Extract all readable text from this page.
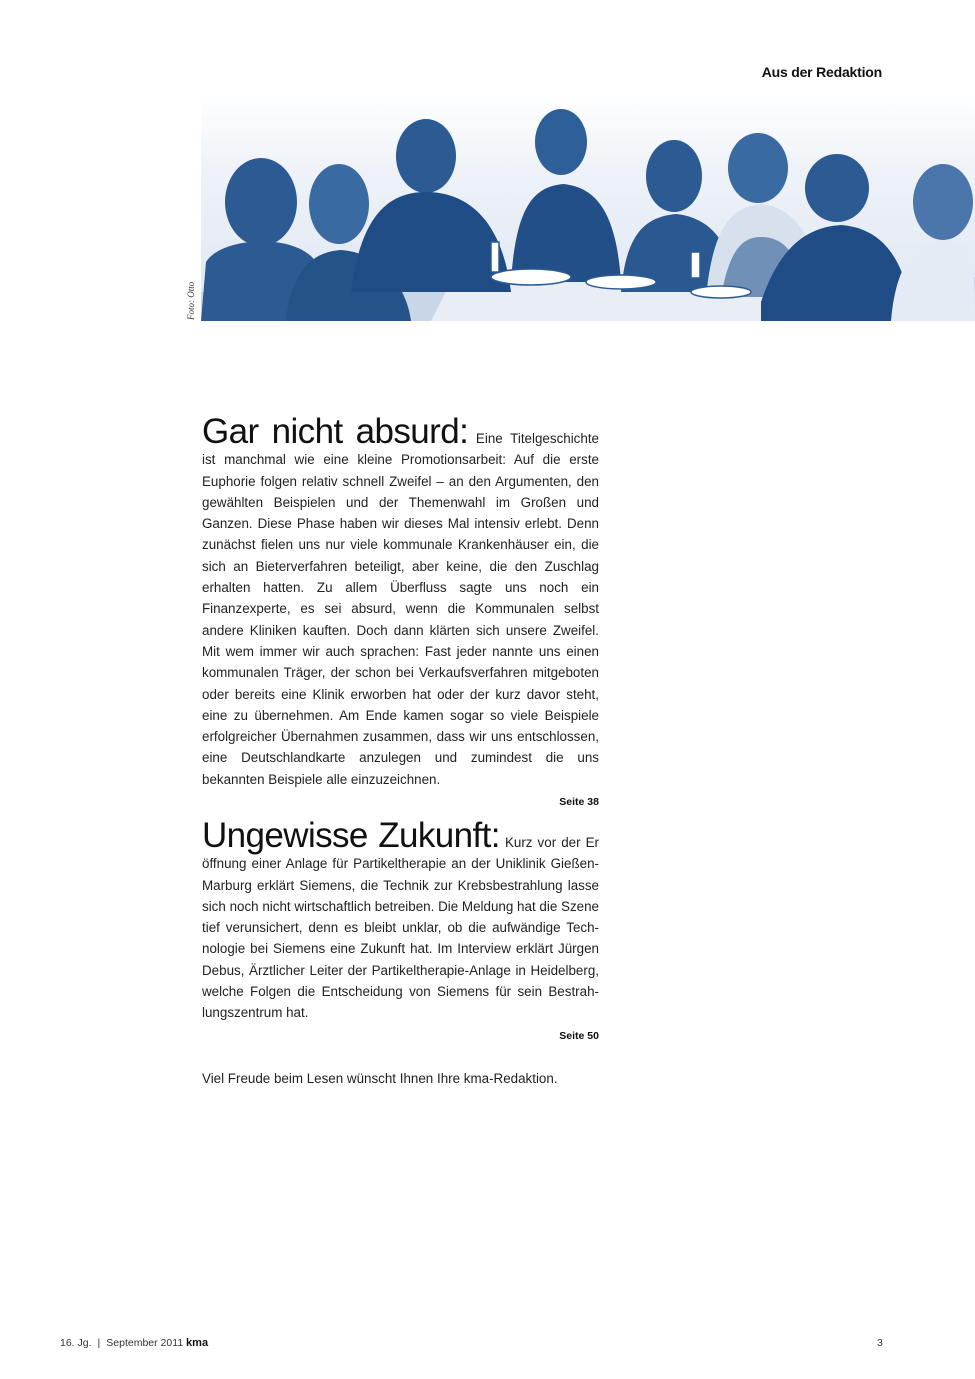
Aus der Redaktion
Foto: Otto

Gar nicht absurd: Eine Titelgeschichte ist manchmal wie eine kleine Promotionsarbeit: Auf die erste Euphorie folgen relativ schnell Zweifel – an den Argumenten, den gewählten Beispielen und der Themenwahl im Großen und Ganzen. Diese Phase haben wir dieses Mal intensiv erlebt. Denn zunächst fielen uns nur viele kommunale Krankenhäuser ein, die sich an Bieterverfahren beteiligt, aber keine, die den Zuschlag erhalten hatten. Zu allem Überfluss sagte uns noch ein Finanzexperte, es sei absurd, wenn die Kommunalen selbst andere Kliniken kauften. Doch dann klärten sich unsere Zweifel. Mit wem immer wir auch sprachen: Fast jeder nannte uns einen kommunalen Träger, der schon bei Verkaufsverfahren mitgeboten oder bereits eine Klinik erworben hat oder der kurz davor steht, eine zu übernehmen. Am Ende kamen sogar so viele Beispiele erfolgreicher Übernahmen zusammen, dass wir uns entschlossen, eine Deutschlandkarte anzulegen und zumindest die uns bekannten Beispiele alle einzuzeichnen.

Seite 38

Ungewisse Zukunft: Kurz vor der Er öffnung einer Anlage für Partikeltherapie an der Uniklinik Gießen-Marburg erklärt Siemens, die Technik zur Krebsbestrahlung lasse sich noch nicht wirtschaftlich betreiben. Die Meldung hat die Szene tief verunsichert, denn es bleibt unklar, ob die aufwändige Technologie bei Siemens eine Zukunft hat. Im Interview erklärt Jürgen Debus, Ärztlicher Leiter der Partikeltherapie-Anlage in Heidelberg, welche Folgen die Entscheidung von Siemens für sein Bestrahlungszentrum hat.

Seite 50
Viel Freude beim Lesen wünscht Ihnen Ihre kma-Redaktion.
16. Jg. | September 2011 kma	3
